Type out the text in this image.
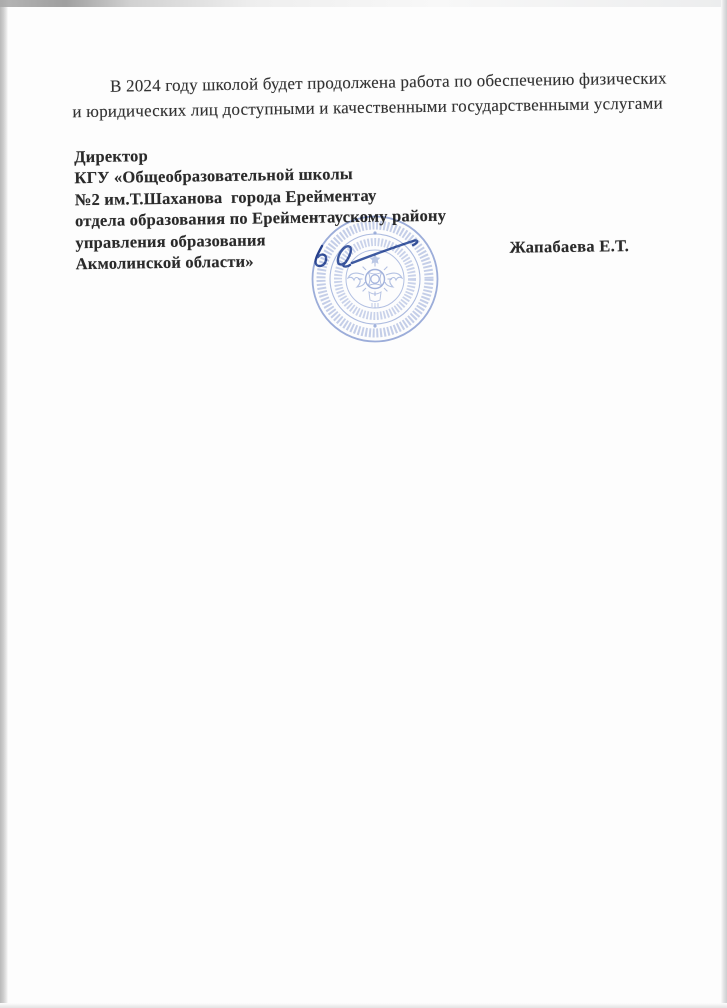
В 2024 году школой будет продолжена работа по обеспечению физических
и юридических лиц доступными и качественными государственными услугами

Директор
КГУ «Общеобразовательной школы
№2 им.Т.Шаханова  города Ерейментау
отдела образования по Ерейментаускому району
управления образования
Акмолинской области»
Жапабаева Е.Т.
